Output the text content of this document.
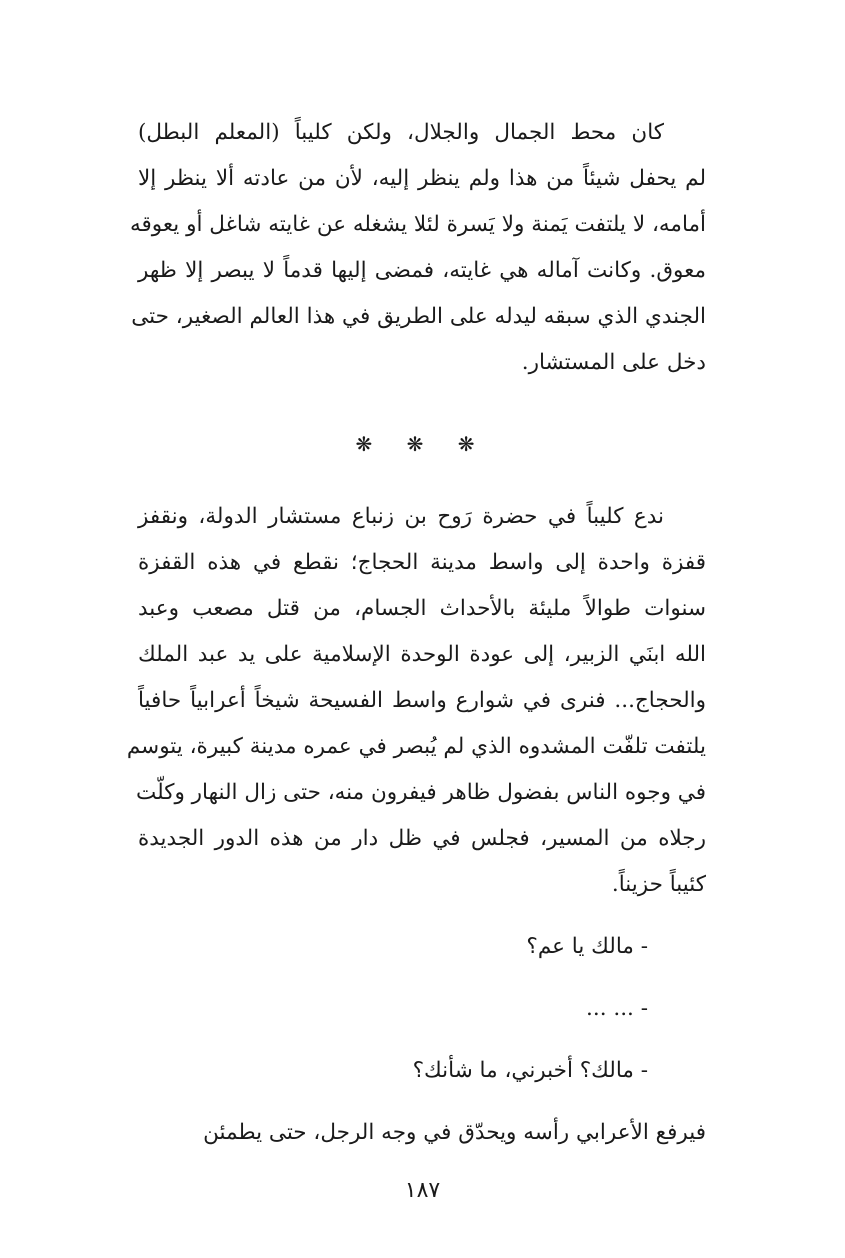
كان محط الجمال والجلال، ولكن كليباً (المعلم البطل)
لم يحفل شيئاً من هذا ولم ينظر إليه، لأن من عادته ألا ينظر إلا
أمامه، لا يلتفت يَمنة ولا يَسرة لئلا يشغله عن غايته شاغل أو يعوقه
معوق. وكانت آماله هي غايته، فمضى إليها قدماً لا يبصر إلا ظهر
الجندي الذي سبقه ليدله على الطريق في هذا العالم الصغير، حتى
دخل على المستشار.

❋ ❋ ❋

ندع كليباً في حضرة رَوح بن زنباع مستشار الدولة، ونقفز
قفزة واحدة إلى واسط مدينة الحجاج؛ نقطع في هذه القفزة
سنوات طوالاً مليئة بالأحداث الجسام، من قتل مصعب وعبد
الله ابنَي الزبير، إلى عودة الوحدة الإسلامية على يد عبد الملك
والحجاج... فنرى في شوارع واسط الفسيحة شيخاً أعرابياً حافياً
يلتفت تلفّت المشدوه الذي لم يُبصر في عمره مدينة كبيرة، يتوسم
في وجوه الناس بفضول ظاهر فيفرون منه، حتى زال النهار وكلّت
رجلاه من المسير، فجلس في ظل دار من هذه الدور الجديدة
كئيباً حزيناً.

- مالك يا عم؟

- ... ...

- مالك؟ أخبرني، ما شأنك؟

فيرفع الأعرابي رأسه ويحدّق في وجه الرجل، حتى يطمئن

١٨٧
